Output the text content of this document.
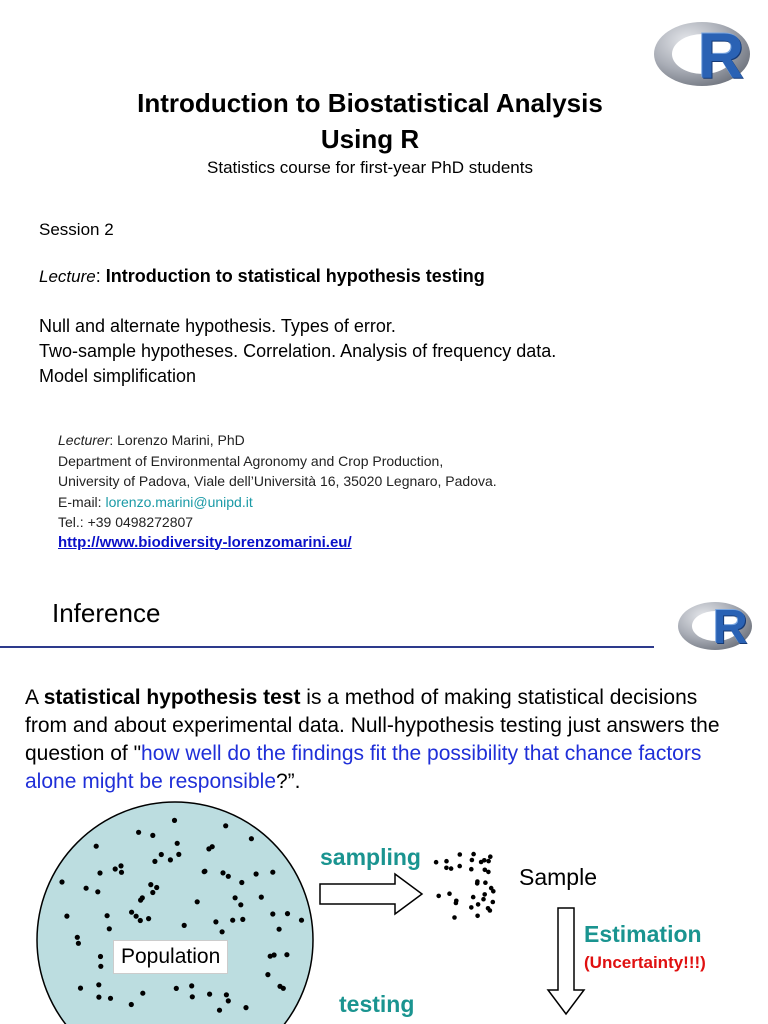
R
Introduction to Biostatistical Analysis
Using R
Statistics course for first-year PhD students
Session 2
Lecture: Introduction to statistical hypothesis testing
Null and alternate hypothesis. Types of error.
Two-sample hypotheses. Correlation. Analysis of frequency data.
Model simplification
Lecturer: Lorenzo Marini, PhD
Department of Environmental Agronomy and Crop Production,
University of Padova, Viale dell’Università 16, 35020 Legnaro, Padova.
E-mail: lorenzo.marini@unipd.it
Tel.: +39 0498272807
http://www.biodiversity-lorenzomarini.eu/
Inference	R
A statistical hypothesis test is a method of making statistical decisions from and about experimental data. Null-hypothesis testing just answers the question of "how well do the findings fit the possibility that chance factors alone might be responsible?”.
sampling
Sample
Estimation
(Uncertainty!!!)
Population
testing
